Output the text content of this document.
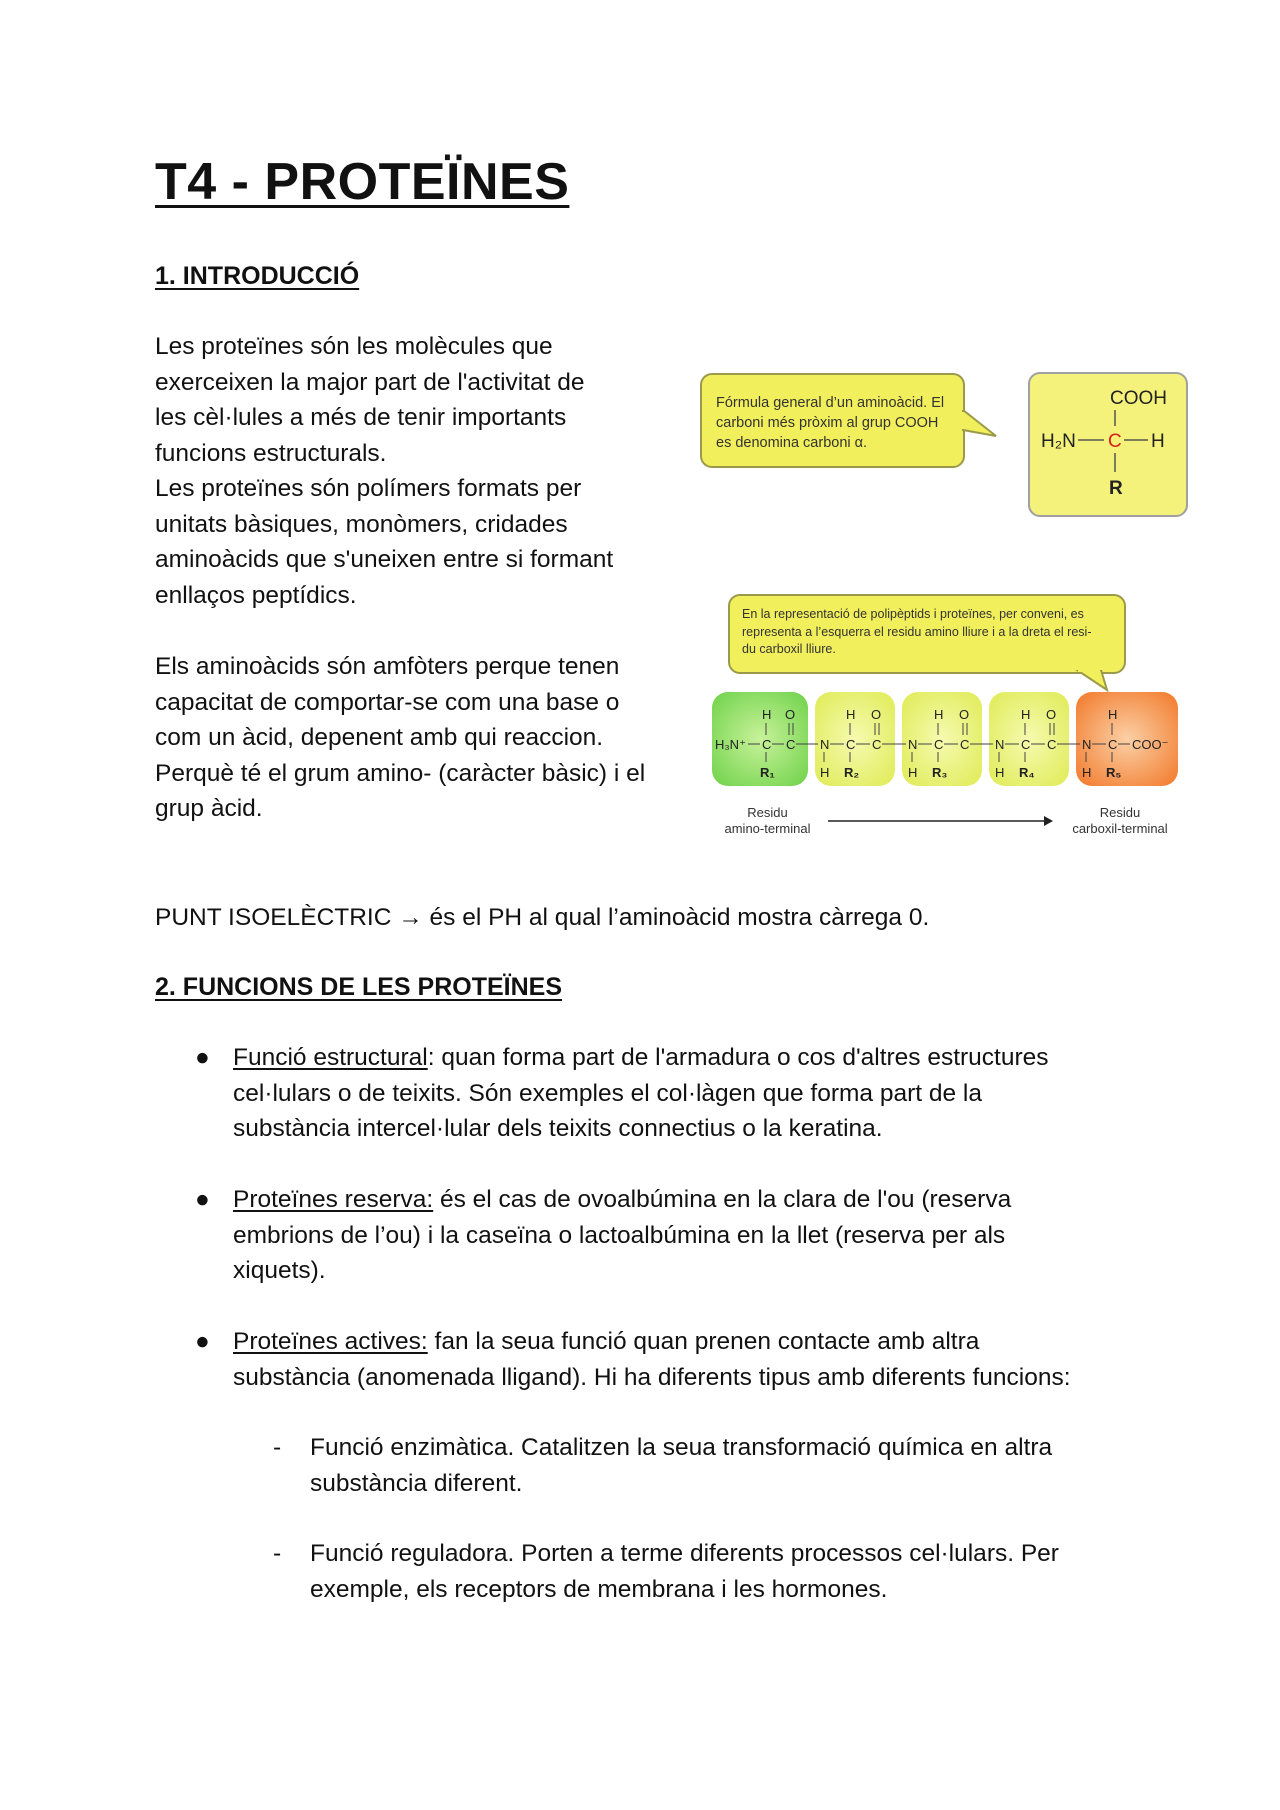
T4 - PROTEÏNES
1. INTRODUCCIÓ
Les proteïnes són les molècules que
exerceixen la major part de l'activitat de
les cèl·lules a més de tenir importants
funcions estructurals.
Les proteïnes són polímers formats per
unitats bàsiques, monòmers, cridades
aminoàcids que s'uneixen entre si formant
enllaços peptídics.
Els aminoàcids són amfòters perque tenen
capacitat de comportar-se com una base o
com un àcid, depenent amb qui reaccion.
Perquè té el grum amino- (caràcter bàsic) i el
grup àcid.
Fórmula general d’un aminoàcid. El
carboni més pròxim al grup COOH
es denomina carboni α.
COOH
H₂N C H
R
En la representació de polipèptids i proteïnes, per conveni, es
representa a l’esquerra el residu amino lliure i a la dreta el resi-
du carboxil lliure.
H₃N⁺ C
H
R₁
C
O
N
H
C
H
R₂
C
O
N
H
C
H
R₃
C
O
N
H
C
H
R₄
C
O
N
H
C
H
R₅
COO⁻
Residu
amino-terminal
Residu
carboxil-terminal
PUNT ISOELÈCTRIC → és el PH al qual l’aminoàcid mostra càrrega 0.
2. FUNCIONS DE LES PROTEÏNES
● Funció estructural: quan forma part de l'armadura o cos d'altres estructures
cel·lulars o de teixits. Són exemples el col·làgen que forma part de la
substància intercel·lular dels teixits connectius o la keratina.
● Proteïnes reserva: és el cas de ovoalbúmina en la clara de l'ou (reserva
embrions de l’ou) i la caseïna o lactoalbúmina en la llet (reserva per als
xiquets).
● Proteïnes actives: fan la seua funció quan prenen contacte amb altra
substància (anomenada lligand). Hi ha diferents tipus amb diferents funcions:
- Funció enzimàtica. Catalitzen la seua transformació química en altra
substància diferent.
- Funció reguladora. Porten a terme diferents processos cel·lulars. Per
exemple, els receptors de membrana i les hormones.
